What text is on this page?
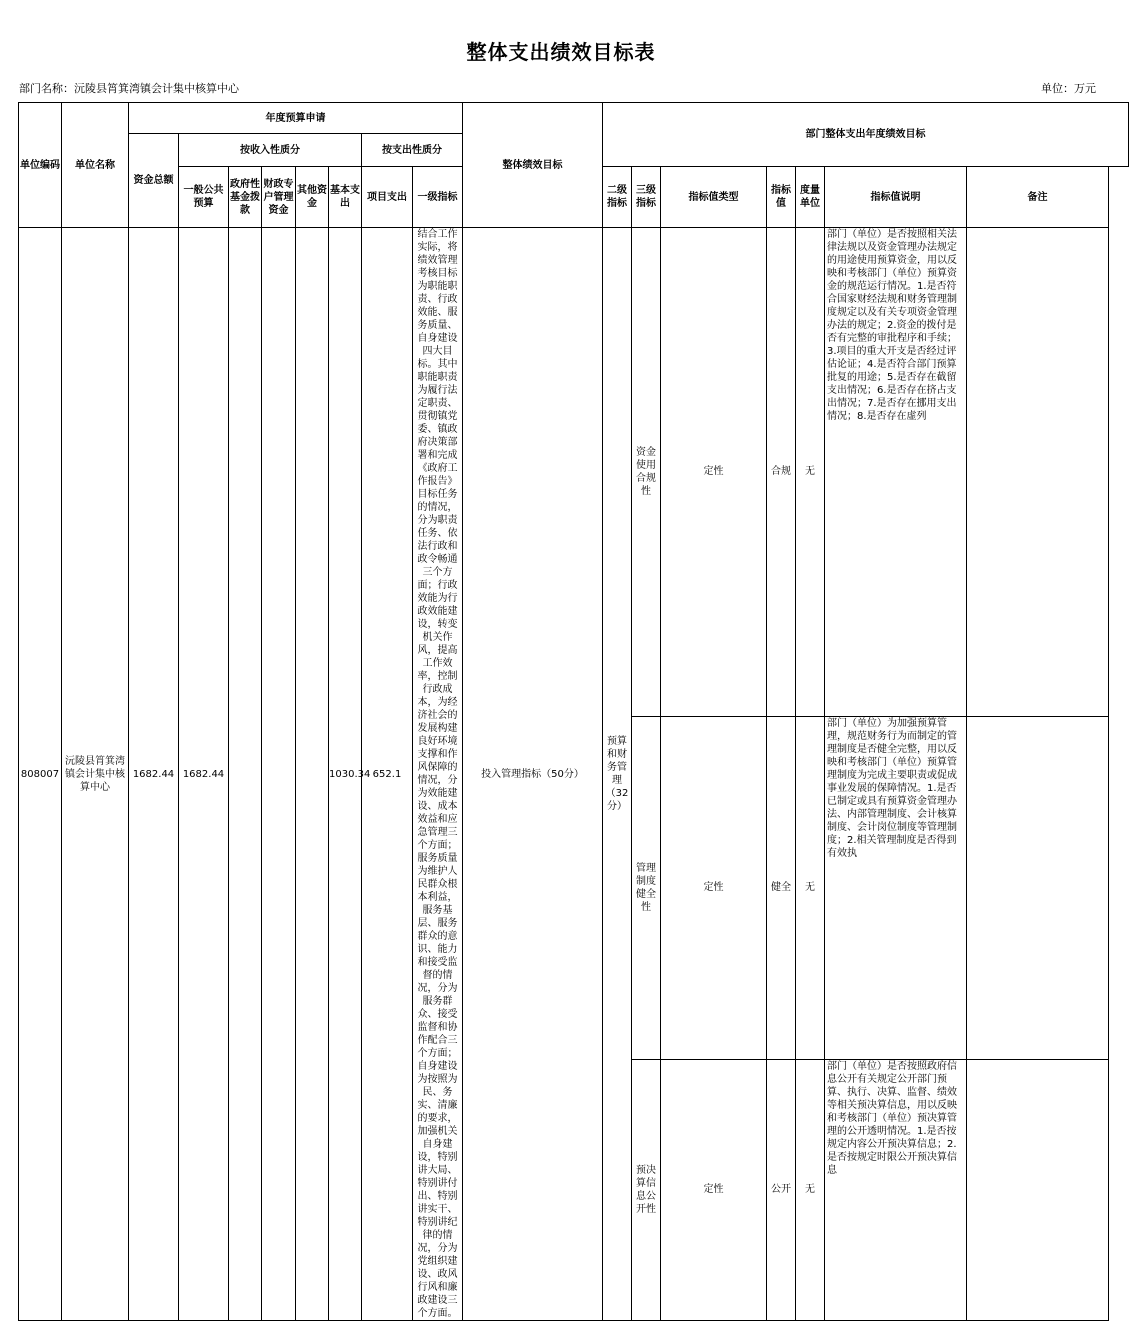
整体支出绩效目标表
部门名称：沅陵县筲箕湾镇会计集中核算中心	单位：万元
单位编码	单位名称	年度预算申请								整体绩效目标	部门整体支出年度绩效目标						
		资金总额	按收入性质分					按支出性质分									
			一般公共预算	政府性基金拨款	财政专户管理资金	其他资金	基本支出	项目支出	一级指标		二级指标	三级指标	指标值类型	指标值	度量单位	指标值说明	备注

808007	沅陵县筲箕湾镇会计集中核算中心	1682.44	1682.44				1030.34	652.1	结合工作实际，将绩效管理考核目标为职能职责、行政效能、服务质量、自身建设四大目标。其中职能职责为履行法定职责、贯彻镇党委、镇政府决策部署和完成《政府工作报告》目标任务的情况，分为职责任务、依法行政和政令畅通三个方面；行政效能为行政效能建设，转变机关作风，提高工作效率，控制行政成本，为经济社会的发展构建良好环境支撑和作风保障的情况，分为效能建设、成本效益和应急管理三个方面；服务质量为维护人民群众根本利益，服务基层、服务群众的意识、能力和接受监督的情况，分为服务群众、接受监督和协作配合三个方面；自身建设为按照为民、务实、清廉的要求，加强机关自身建设，特别讲大局、特别讲付出、特别讲实干、特别讲纪律的情况，分为党组织建设、政风行风和廉政建设三个方面。	投入管理指标（50分）	预算和财务管理（32分）	资金使用合规性	定性	合规	无	部门（单位）是否按照相关法律法规以及资金管理办法规定的用途使用预算资金，用以反映和考核部门（单位）预算资金的规范运行情况。1.是否符合国家财经法规和财务管理制度规定以及有关专项资金管理办法的规定；2.资金的拨付是否有完整的审批程序和手续；3.项目的重大开支是否经过评估论证；4.是否符合部门预算批复的用途；5.是否存在截留支出情况；6.是否存在挤占支出情况；7.是否存在挪用支出情况；8.是否存在虚列	

												管理制度健全性	定性	健全	无	部门（单位）为加强预算管理，规范财务行为而制定的管理制度是否健全完整，用以反映和考核部门（单位）预算管理制度为完成主要职责或促成事业发展的保障情况。1.是否已制定或具有预算资金管理办法、内部管理制度、会计核算制度、会计岗位制度等管理制度；2.相关管理制度是否得到有效执	

												预决算信息公开性	定性	公开	无	部门（单位）是否按照政府信息公开有关规定公开部门预算、执行、决算、监督、绩效等相关预决算信息，用以反映和考核部门（单位）预决算管理的公开透明情况。1.是否按规定内容公开预决算信息；2.是否按规定时限公开预决算信息	
